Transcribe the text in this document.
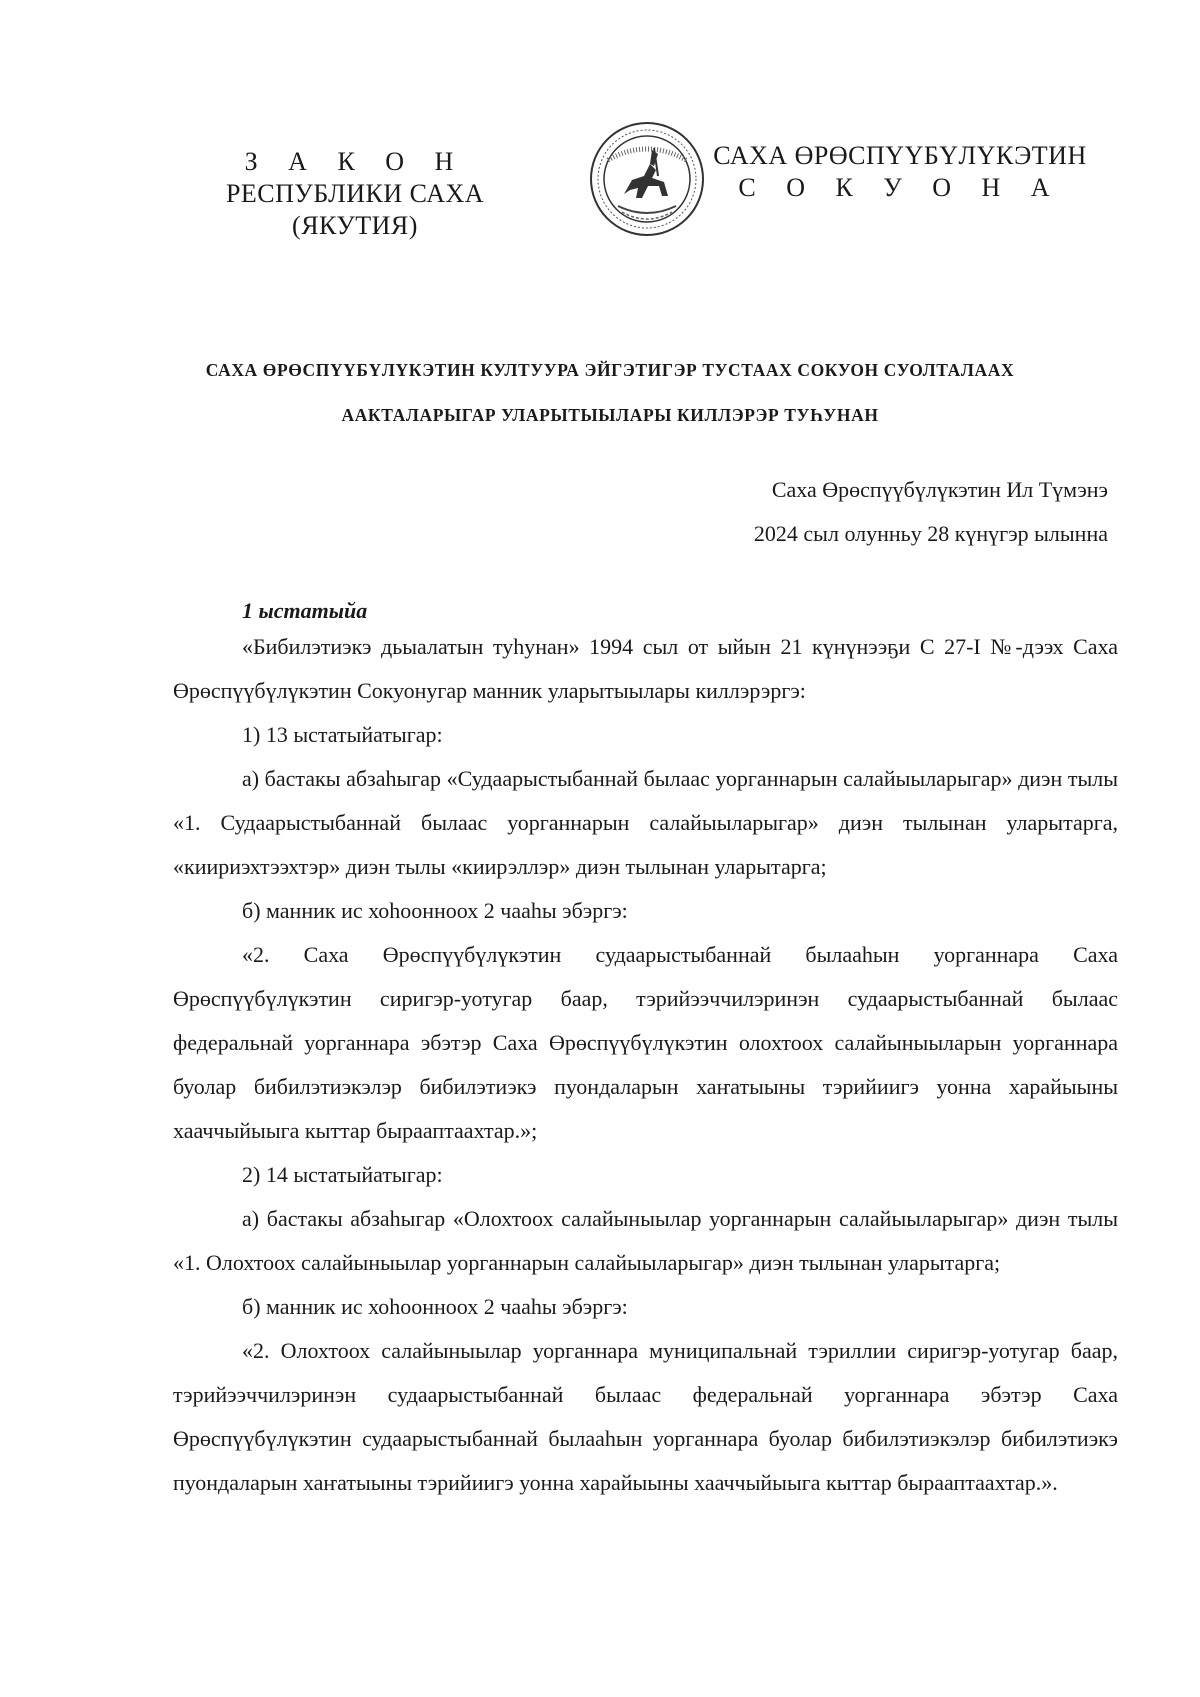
З А К О Н
РЕСПУБЛИКИ САХА (ЯКУТИЯ)
САХА ӨРӨСПҮҮБҮЛҮКЭТИН
С О К У О Н А
САХА ӨРӨСПҮҮБҮЛҮКЭТИН КУЛТУУРА ЭЙГЭТИГЭР ТУСТААХ СОКУОН СУОЛТАЛААХ
ААКТАЛАРЫГАР УЛАРЫТЫЫЛАРЫ КИЛЛЭРЭР ТУҺУНАН
Саха Өрөспүүбүлүкэтин Ил Түмэнэ
2024 сыл олунньу 28 күнүгэр ылынна
1 ыстатыйа

«Бибилэтиэкэ дьыалатын туһунан» 1994 сыл от ыйын 21 күнүнээҕи С 27-I №-дээх Саха Өрөспүүбүлүкэтин Сокуонугар манник уларытыылары киллэрэргэ:

1) 13 ыстатыйатыгар:

а) бастакы абзаһыгар «Судаарыстыбаннай былаас уорганнарын салайыыларыгар» диэн тылы «1. Судаарыстыбаннай былаас уорганнарын салайыыларыгар» диэн тылынан уларытарга, «киириэхтээхтэр» диэн тылы «киирэллэр» диэн тылынан уларытарга;

б) манник ис хоһоонноох 2 чааһы эбэргэ:

«2. Саха Өрөспүүбүлүкэтин судаарыстыбаннай былааһын уорганнара Саха Өрөспүүбүлүкэтин сиригэр-уотугар баар, тэрийээччилэринэн судаарыстыбаннай былаас федеральнай уорганнара эбэтэр Саха Өрөспүүбүлүкэтин олохтоох салайыныыларын уорганнара буолар бибилэтиэкэлэр бибилэтиэкэ пуондаларын хаҥатыыны тэрийиигэ уонна харайыыны хааччыйыыга кыттар бырааптаахтар.»;

2) 14 ыстатыйатыгар:

а) бастакы абзаһыгар «Олохтоох салайыныылар уорганнарын салайыыларыгар» диэн тылы «1. Олохтоох салайыныылар уорганнарын салайыыларыгар» диэн тылынан уларытарга;

б) манник ис хоһоонноох 2 чааһы эбэргэ:

«2. Олохтоох салайыныылар уорганнара муниципальнай тэриллии сиригэр-уотугар баар, тэрийээччилэринэн судаарыстыбаннай былаас федеральнай уорганнара эбэтэр Саха Өрөспүүбүлүкэтин судаарыстыбаннай былааһын уорганнара буолар бибилэтиэкэлэр бибилэтиэкэ пуондаларын хаҥатыыны тэрийиигэ уонна харайыыны хааччыйыыга кыттар бырааптаахтар.».
